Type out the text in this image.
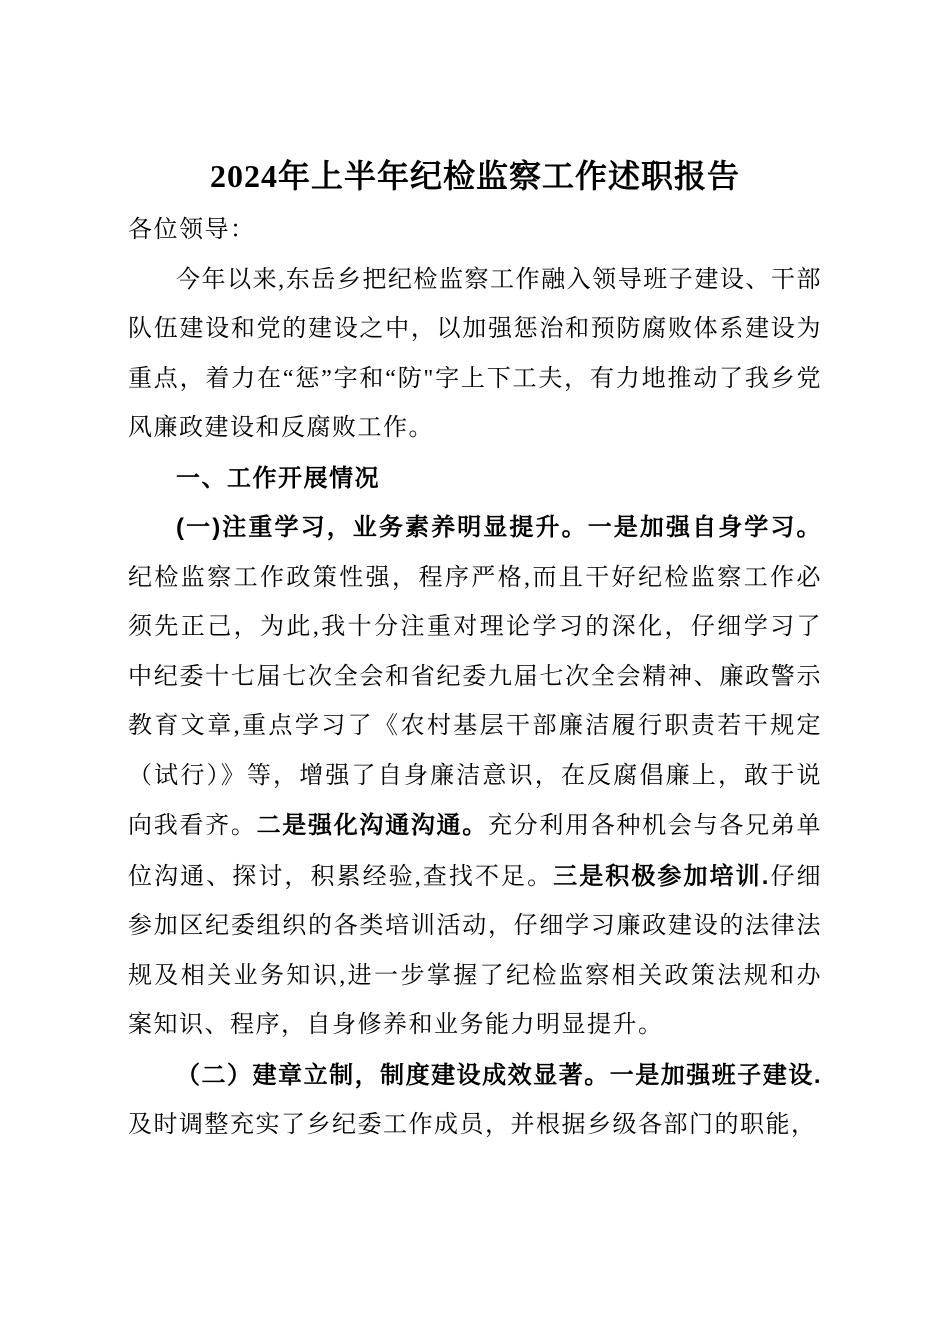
2024年上半年纪检监察工作述职报告

各位领导：

今年以来,东岳乡把纪检监察工作融入领导班子建设、干部队伍建设和党的建设之中，以加强惩治和预防腐败体系建设为重点，着力在“惩”字和“防"字上下工夫，有力地推动了我乡党风廉政建设和反腐败工作。

一、工作开展情况

(一)注重学习，业务素养明显提升。一是加强自身学习。纪检监察工作政策性强，程序严格,而且干好纪检监察工作必须先正己，为此,我十分注重对理论学习的深化，仔细学习了中纪委十七届七次全会和省纪委九届七次全会精神、廉政警示教育文章,重点学习了《农村基层干部廉洁履行职责若干规定（试行）》等，增强了自身廉洁意识，在反腐倡廉上，敢于说向我看齐。二是强化沟通沟通。充分利用各种机会与各兄弟单位沟通、探讨，积累经验,查找不足。三是积极参加培训.仔细参加区纪委组织的各类培训活动，仔细学习廉政建设的法律法规及相关业务知识,进一步掌握了纪检监察相关政策法规和办案知识、程序，自身修养和业务能力明显提升。

（二）建章立制，制度建设成效显著。一是加强班子建设.及时调整充实了乡纪委工作成员，并根据乡级各部门的职能，
